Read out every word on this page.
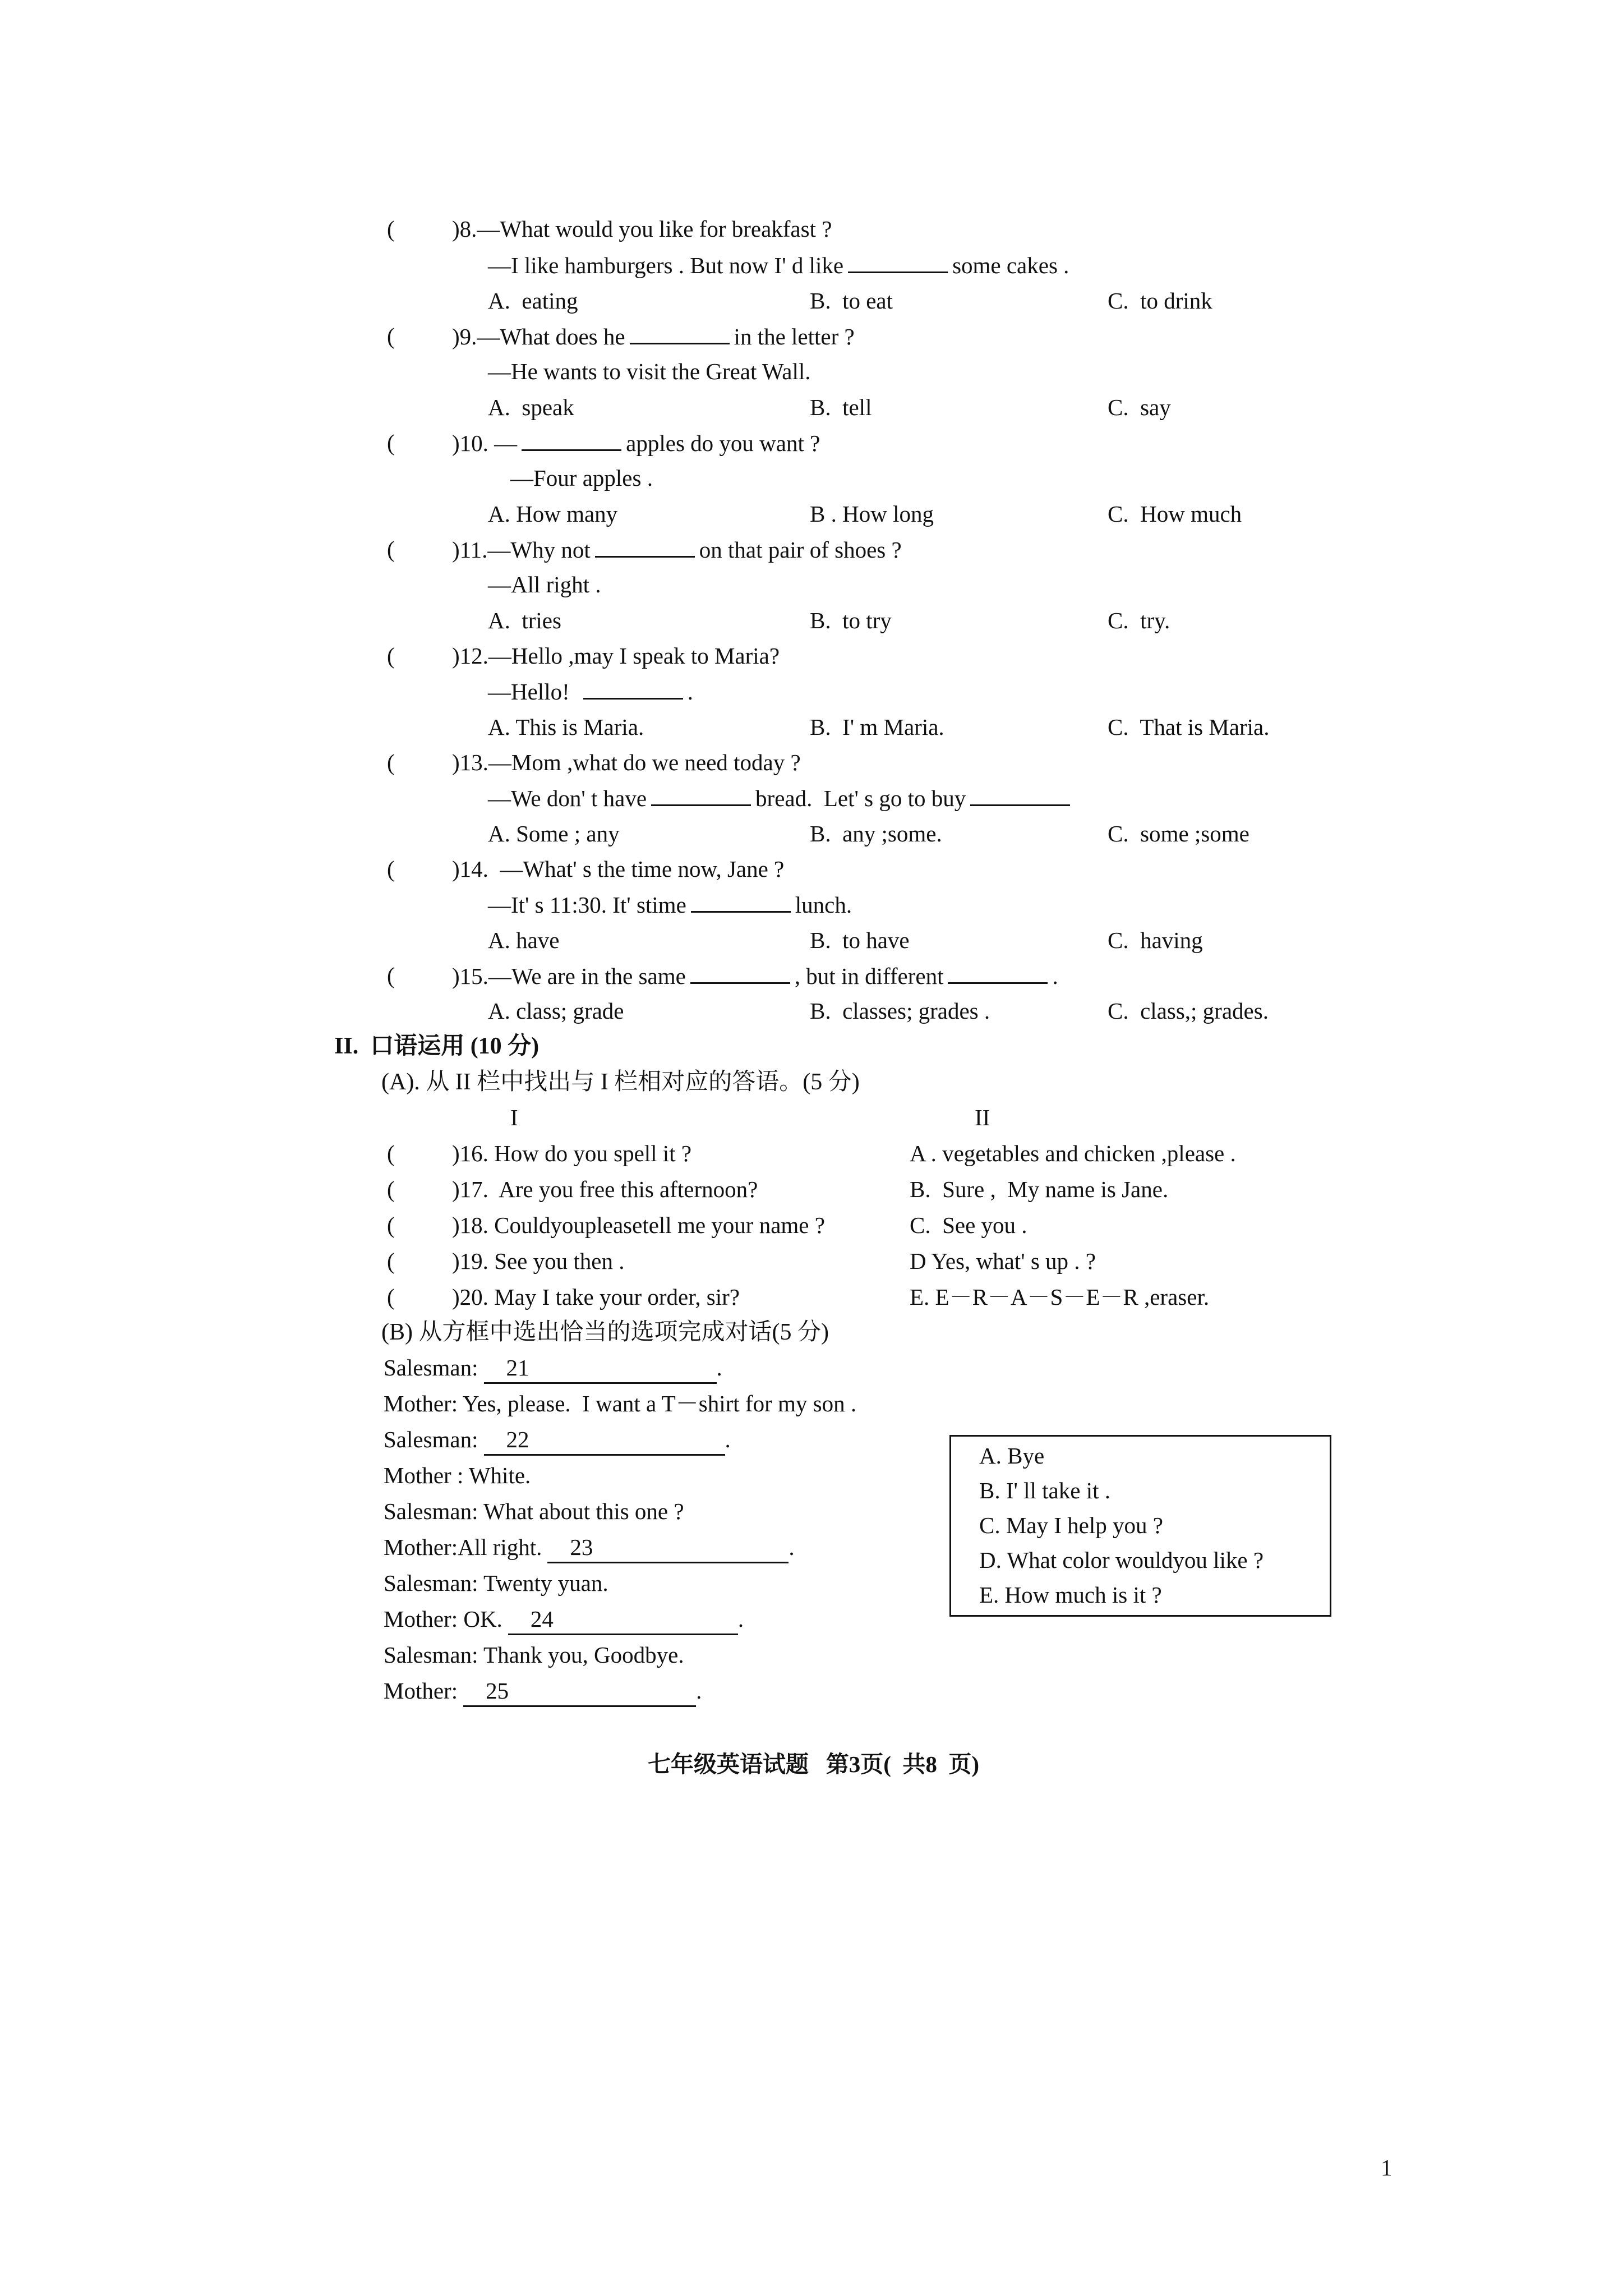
( )8.—What would you like for breakfast ?
—I like hamburgers . But now I' d like	some cakes .
A.  eating	B.  to eat	C.  to drink
( )9.—What does he	in the letter ?
—He wants to visit the Great Wall.
A.  speak	B.  tell	C.  say
( )10. —	apples do you want ?
—Four apples .
A. How many	B . How long	C.  How much
( )11.—Why not	on that pair of shoes ?
—All right .
A.  tries	B.  to try	C.  try.
( )12.—Hello ,may I speak to Maria?
—Hello!	.
A. This is Maria.	B.  I' m Maria.	C.  That is Maria.
( )13.—Mom ,what do we need today ?
—We don' t have	bread.  Let' s go to buy
A. Some ; any	B.  any ;some.	C.  some ;some
( )14. —What' s the time now, Jane ?
—It' s 11:30. It' stime	lunch.
A. have	B.  to have	C.  having
( )15.—We are in the same	, but in different	.
A. class; grade	B.  classes; grades .	C.  class,; grades.
II.  口语运用 (10 分)
(A). 从 II 栏中找出与 I 栏相对应的答语。(5 分)
I	II
( )16. How do you spell it ?	A . vegetables and chicken ,please .
( )17.  Are you free this afternoon?	B.  Sure ,  My name is Jane.
( )18. Couldyoupleasetell me your name ?	C.  See you .
( )19. See you then .	D Yes, what' s up . ?
( )20. May I take your order, sir?	E. E－R－A－S－E－R ,eraser.
(B) 从方框中选出恰当的选项完成对话(5 分)
Salesman: 21	.
Mother: Yes, please.  I want a T－shirt for my son .
Salesman: 22	.
Mother : White.
Salesman: What about this one ?
Mother:All right. 23	.
Salesman: Twenty yuan.
Mother: OK. 24	.
Salesman: Thank you, Goodbye.
Mother: 25	.
A. Bye
B. I' ll take it .
C. May I help you ?
D. What color wouldyou like ?
E. How much is it ?
七年级英语试题   第3页(  共8  页)
1
